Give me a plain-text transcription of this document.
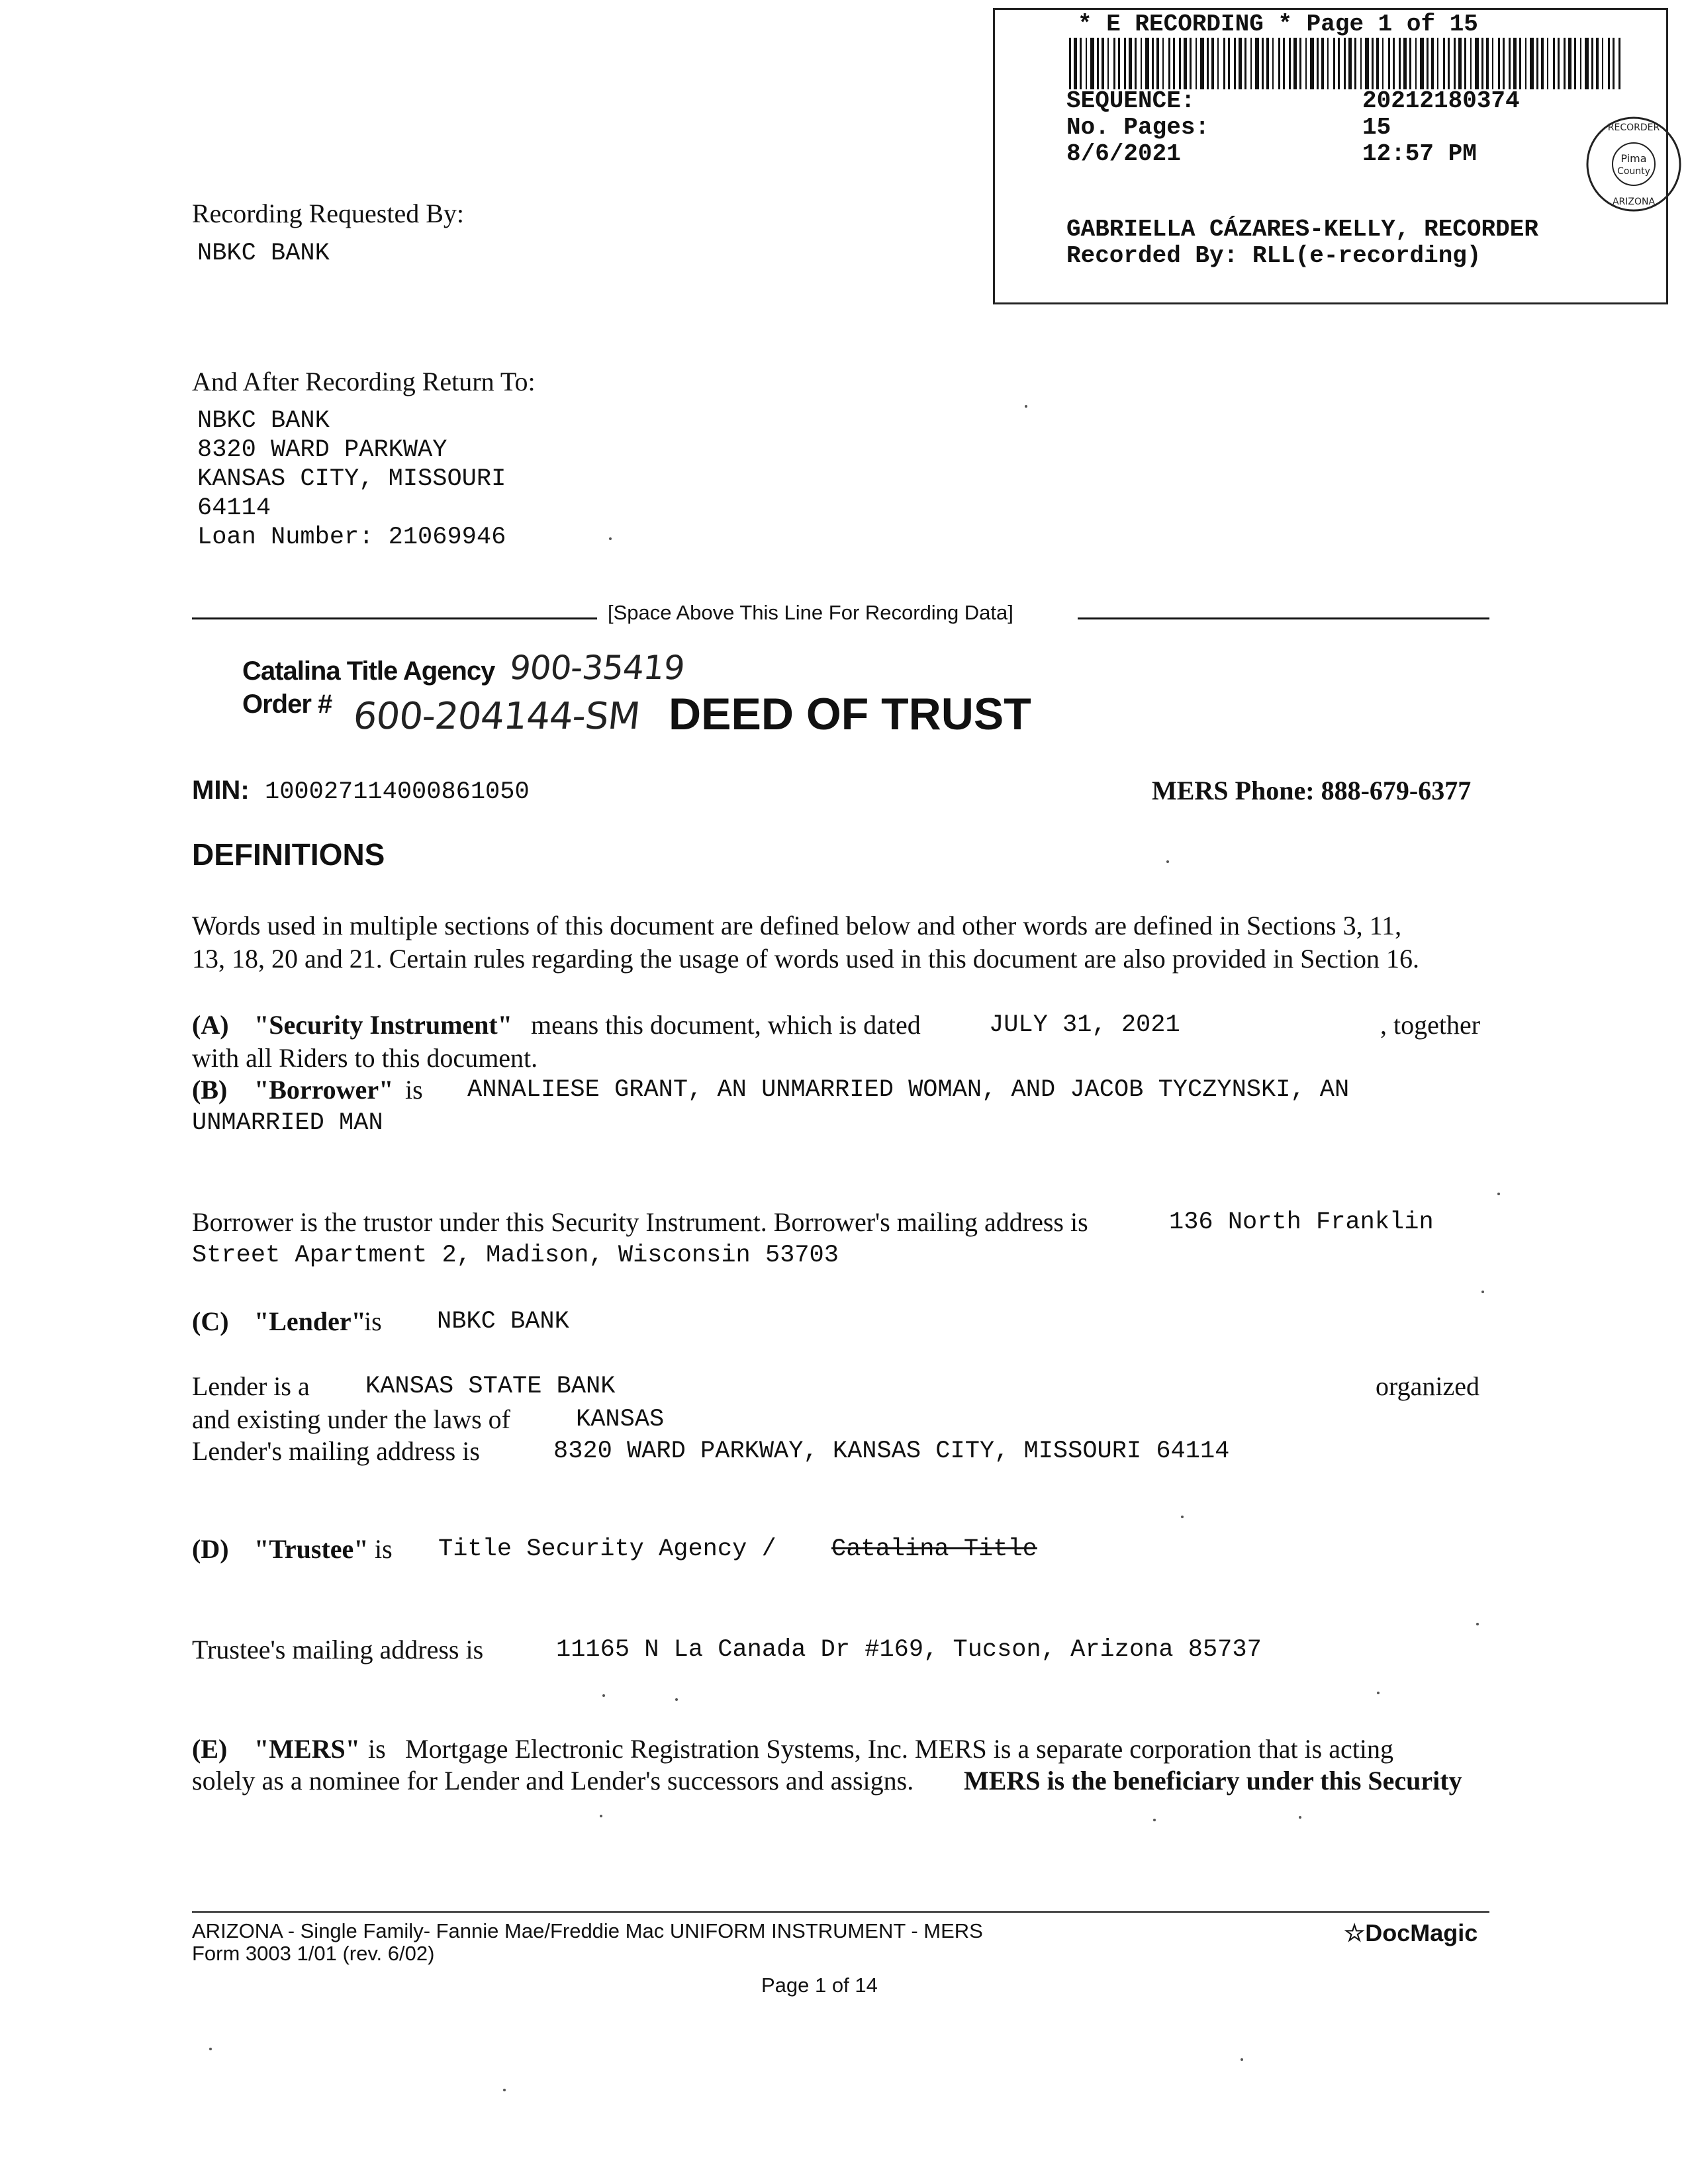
* E RECORDING * Page 1 of 15
SEQUENCE:	20212180374
No. Pages:	15
8/6/2021	12:57 PM
GABRIELLA CÁZARES-KELLY, RECORDER
Recorded By: RLL(e-recording)
Pima
County
RECORDER
ARIZONA
Recording Requested By:
NBKC BANK
And After Recording Return To:
NBKC BANK
8320 WARD PARKWAY
KANSAS CITY, MISSOURI
64114
Loan Number: 21069946
[Space Above This Line For Recording Data]
Catalina Title Agency 900-35419
Order # 600-204144-SM DEED OF TRUST
MIN: 100027114000861050	MERS Phone: 888-679-6377
DEFINITIONS
Words used in multiple sections of this document are defined below and other words are defined in Sections 3, 11,
13, 18, 20 and 21. Certain rules regarding the usage of words used in this document are also provided in Section 16.
(A) "Security Instrument" means this document, which is dated	JULY 31, 2021	, together
with all Riders to this document.
(B) "Borrower" is ANNALIESE GRANT, AN UNMARRIED WOMAN, AND JACOB TYCZYNSKI, AN
UNMARRIED MAN
Borrower is the trustor under this Security Instrument. Borrower's mailing address is	136 North Franklin
Street Apartment 2, Madison, Wisconsin 53703
(C) "Lender"
is NBKC BANK
Lender is a KANSAS STATE BANK	organized
and existing under the laws of	KANSAS
Lender's mailing address is	8320 WARD PARKWAY, KANSAS CITY, MISSOURI 64114
(D) "Trustee" is Title Security Agency / Catalina Title
Trustee's mailing address is	11165 N La Canada Dr #169, Tucson, Arizona 85737
(E) "MERS" is Mortgage Electronic Registration Systems, Inc. MERS is a separate corporation that is acting
solely as a nominee for Lender and Lender's successors and assigns. MERS is the beneficiary under this Security
ARIZONA - Single Family- Fannie Mae/Freddie Mac UNIFORM INSTRUMENT - MERS
Form 3003 1/01 (rev. 6/02)
Page 1 of 14
☆DocMagic
